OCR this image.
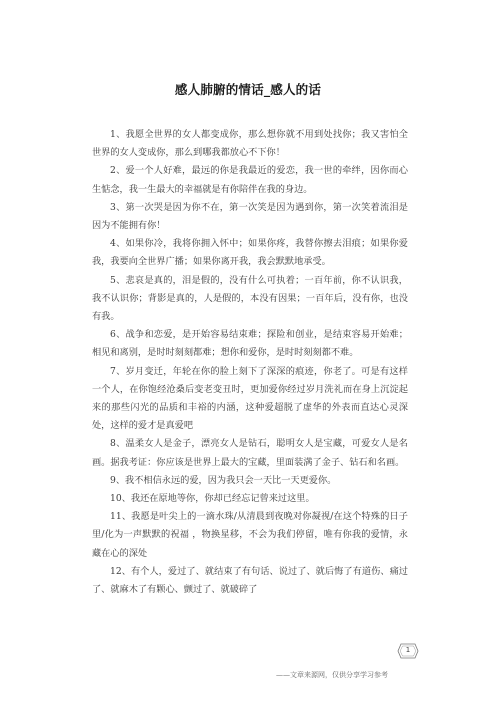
感人肺腑的情话_感人的话

1、我愿全世界的女人都变成你，那么想你就不用到处找你；我又害怕全世界的女人变成你，那么到哪我都放心不下你！

2、爱一个人好难，最远的你是我最近的爱恋，我一世的牵绊，因你而心生惦念，我一生最大的幸福就是有你陪伴在我的身边。

3、第一次哭是因为你不在，第一次笑是因为遇到你，第一次笑着流泪是因为不能拥有你！

4、如果你冷，我将你拥入怀中；如果你疼，我替你擦去泪痕；如果你爱我，我要向全世界广播；如果你离开我，我会默默地承受。

5、悲哀是真的，泪是假的，没有什么可执着；一百年前，你不认识我，我不认识你；背影是真的，人是假的，本没有因果；一百年后，没有你，也没有我。

6、战争和恋爱，是开始容易结束难；探险和创业，是结束容易开始难；相见和离别，是时时刻刻都难；想你和爱你，是时时刻刻都不难。

7、岁月变迁，年轮在你的脸上刻下了深深的痕迹，你老了。可是有这样一个人，在你饱经沧桑后变老变丑时，更加爱你经过岁月洗礼而在身上沉淀起来的那些闪光的品质和丰裕的内涵，这种爱超脱了虚华的外表而直达心灵深处，这样的爱才是真爱吧

8、温柔女人是金子，漂亮女人是钻石，聪明女人是宝藏，可爱女人是名画。据我考证：你应该是世界上最大的宝藏，里面装满了金子、钻石和名画。

9、我不相信永远的爱，因为我只会一天比一天更爱你。

10、我还在原地等你，你却已经忘记曾来过这里。

11、我愿是叶尖上的一滴水珠/从清晨到夜晚对你凝视/在这个特殊的日子里/化为一声默默的祝福 ，物换星移，不会为我们停留，唯有你我的爱情，永藏在心的深处

12、有个人，爱过了、就结束了有句话、说过了、就后悔了有道伤、痛过了、就麻木了有颗心、颤过了、就破碎了

1
——文章来源网，仅供分享学习参考
